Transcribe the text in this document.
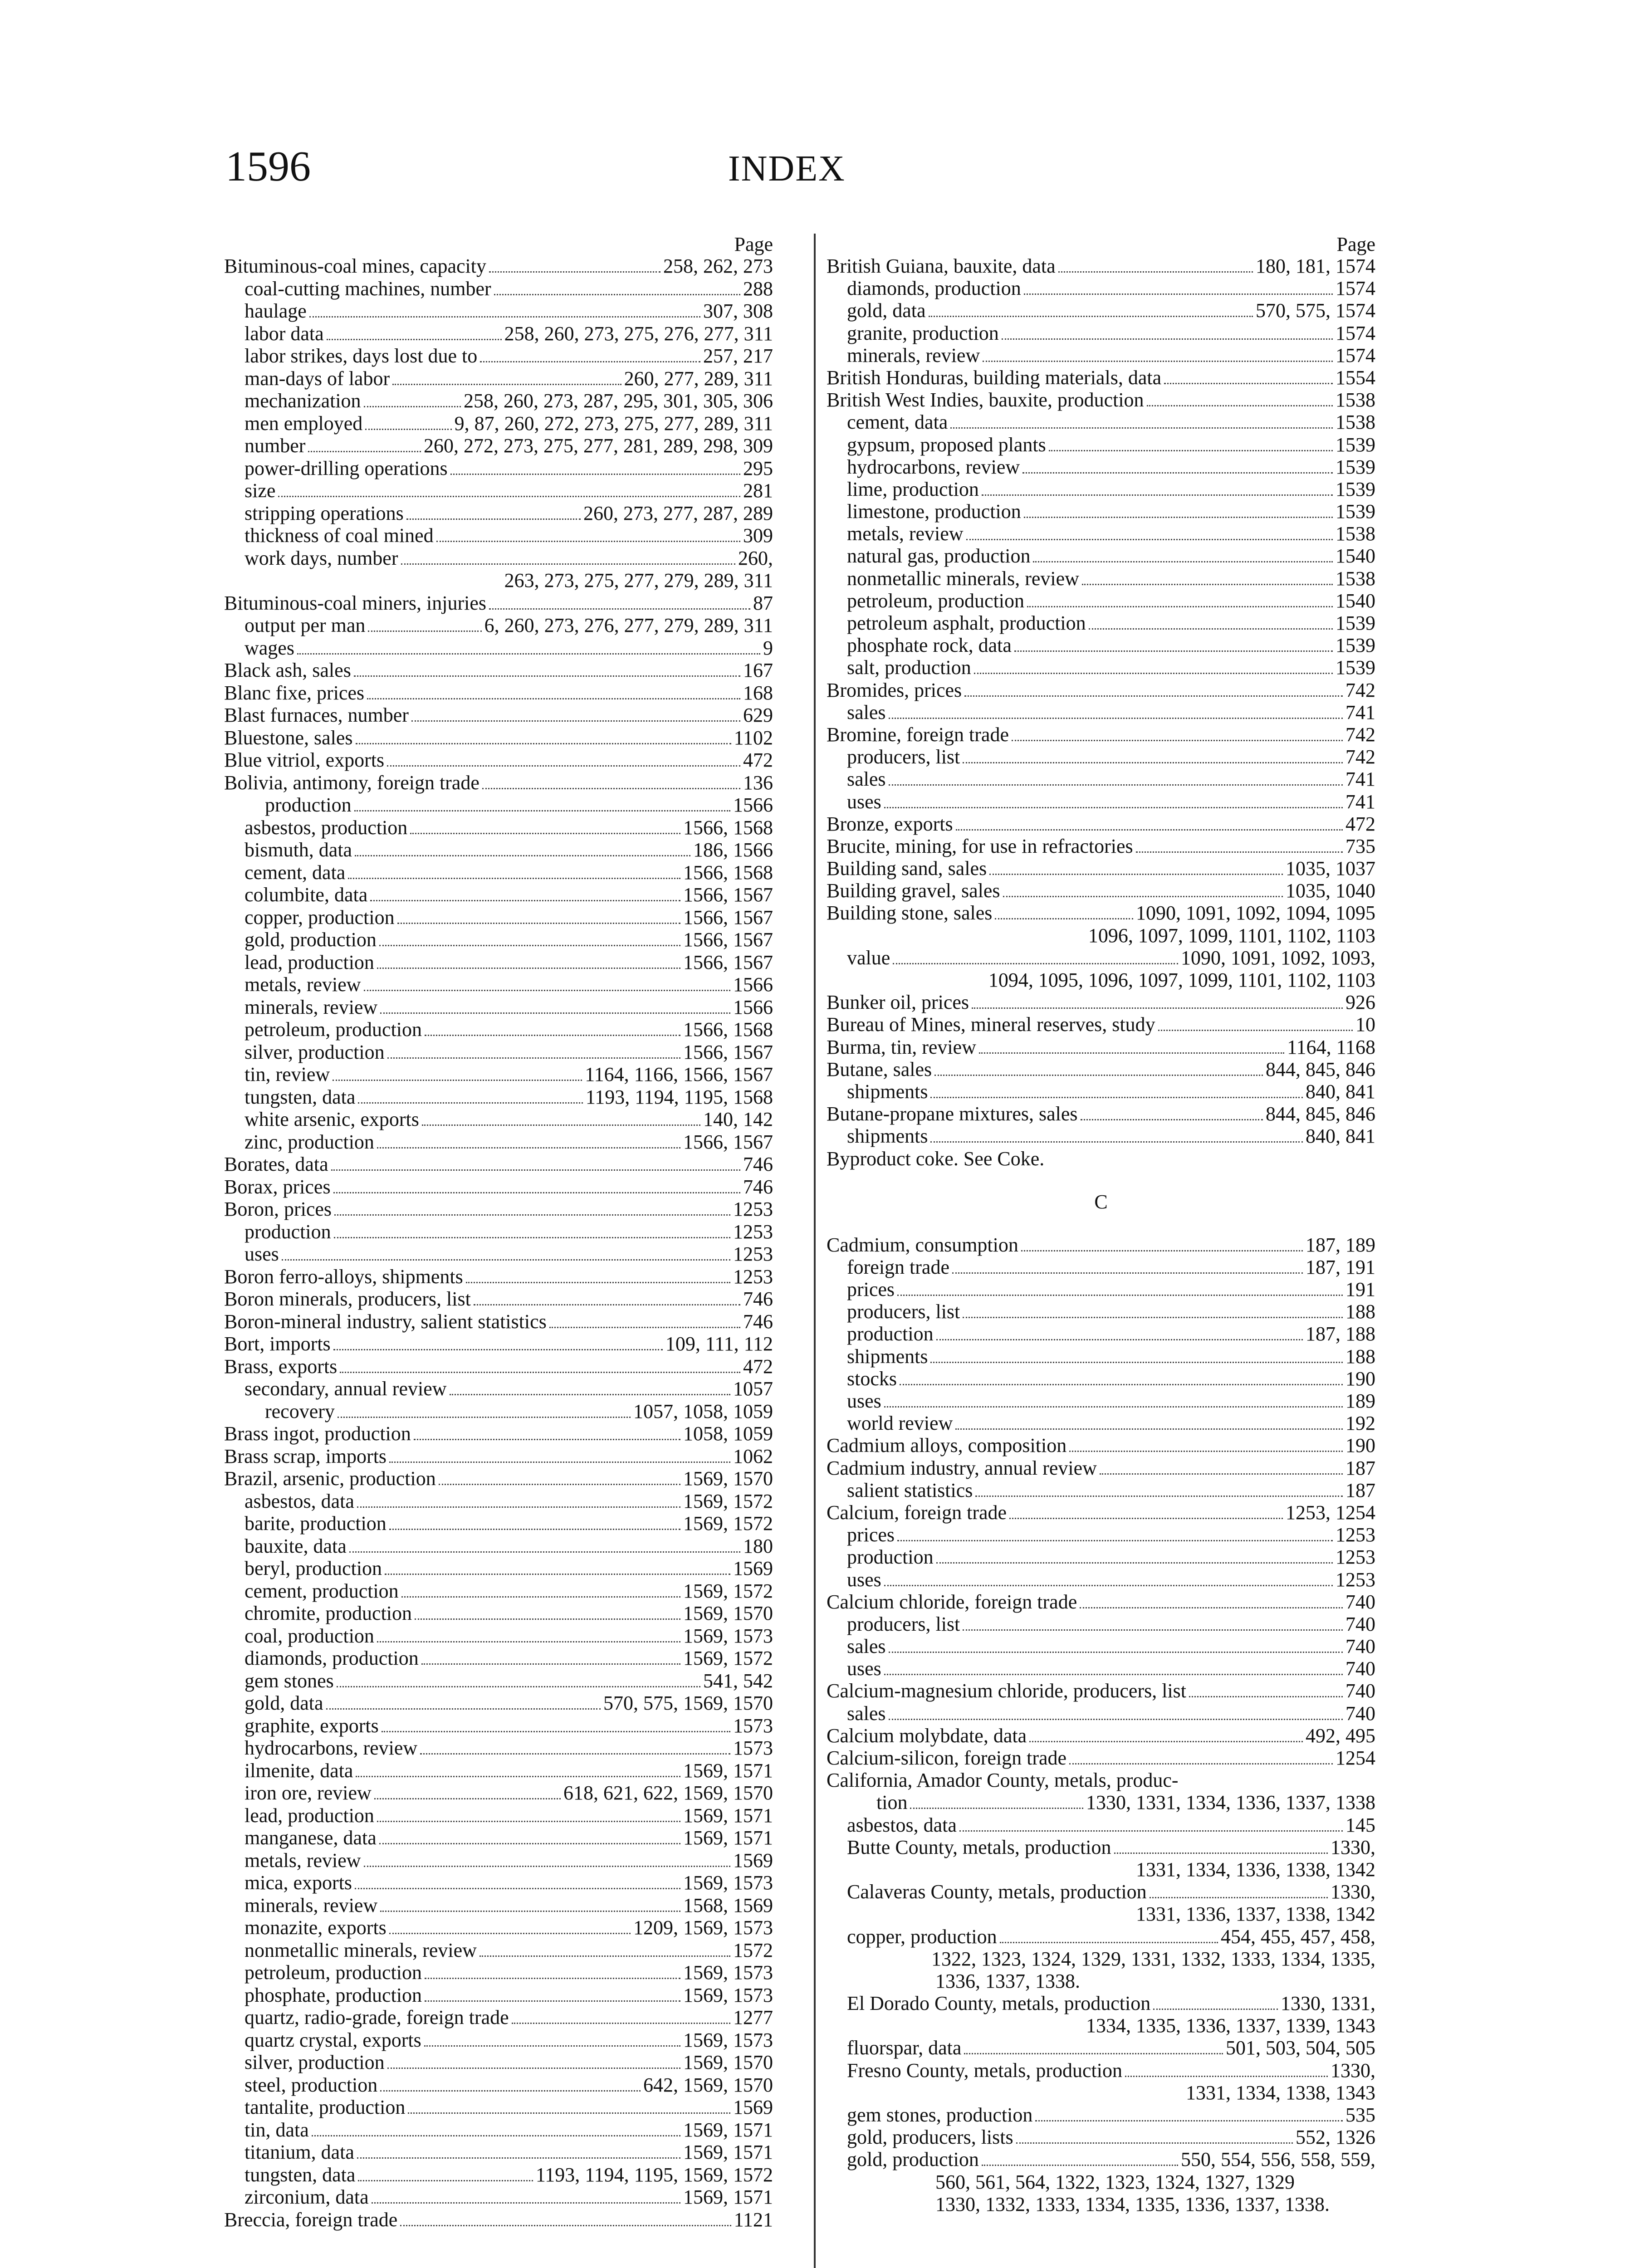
1596	INDEX
Page
Bituminous-coal mines, capacity	258, 262, 273
coal-cutting machines, number	288
haulage	307, 308
labor data	258, 260, 273, 275, 276, 277, 311
labor strikes, days lost due to	257, 217
man-days of labor	260, 277, 289, 311
mechanization	258, 260, 273, 287, 295, 301, 305, 306
men employed	9, 87, 260, 272, 273, 275, 277, 289, 311
number	260, 272, 273, 275, 277, 281, 289, 298, 309
power-drilling operations	295
size	281
stripping operations	260, 273, 277, 287, 289
thickness of coal mined	309
work days, number	260,
263, 273, 275, 277, 279, 289, 311
Bituminous-coal miners, injuries	87
output per man	6, 260, 273, 276, 277, 279, 289, 311
wages	9
Black ash, sales	167
Blanc fixe, prices	168
Blast furnaces, number	629
Bluestone, sales	1102
Blue vitriol, exports	472
Bolivia, antimony, foreign trade	136
production	1566
asbestos, production	1566, 1568
bismuth, data	186, 1566
cement, data	1566, 1568
columbite, data	1566, 1567
copper, production	1566, 1567
gold, production	1566, 1567
lead, production	1566, 1567
metals, review	1566
minerals, review	1566
petroleum, production	1566, 1568
silver, production	1566, 1567
tin, review	1164, 1166, 1566, 1567
tungsten, data	1193, 1194, 1195, 1568
white arsenic, exports	140, 142
zinc, production	1566, 1567
Borates, data	746
Borax, prices	746
Boron, prices	1253
production	1253
uses	1253
Boron ferro-alloys, shipments	1253
Boron minerals, producers, list	746
Boron-mineral industry, salient statistics	746
Bort, imports	109, 111, 112
Brass, exports	472
secondary, annual review	1057
recovery	1057, 1058, 1059
Brass ingot, production	1058, 1059
Brass scrap, imports	1062
Brazil, arsenic, production	1569, 1570
asbestos, data	1569, 1572
barite, production	1569, 1572
bauxite, data	180
beryl, production	1569
cement, production	1569, 1572
chromite, production	1569, 1570
coal, production	1569, 1573
diamonds, production	1569, 1572
gem stones	541, 542
gold, data	570, 575, 1569, 1570
graphite, exports	1573
hydrocarbons, review	1573
ilmenite, data	1569, 1571
iron ore, review	618, 621, 622, 1569, 1570
lead, production	1569, 1571
manganese, data	1569, 1571
metals, review	1569
mica, exports	1569, 1573
minerals, review	1568, 1569
monazite, exports	1209, 1569, 1573
nonmetallic minerals, review	1572
petroleum, production	1569, 1573
phosphate, production	1569, 1573
quartz, radio-grade, foreign trade	1277
quartz crystal, exports	1569, 1573
silver, production	1569, 1570
steel, production	642, 1569, 1570
tantalite, production	1569
tin, data	1569, 1571
titanium, data	1569, 1571
tungsten, data	1193, 1194, 1195, 1569, 1572
zirconium, data	1569, 1571
Breccia, foreign trade	1121
Page
British Guiana, bauxite, data	180, 181, 1574
diamonds, production	1574
gold, data	570, 575, 1574
granite, production	1574
minerals, review	1574
British Honduras, building materials, data	1554
British West Indies, bauxite, production	1538
cement, data	1538
gypsum, proposed plants	1539
hydrocarbons, review	1539
lime, production	1539
limestone, production	1539
metals, review	1538
natural gas, production	1540
nonmetallic minerals, review	1538
petroleum, production	1540
petroleum asphalt, production	1539
phosphate rock, data	1539
salt, production	1539
Bromides, prices	742
sales	741
Bromine, foreign trade	742
producers, list	742
sales	741
uses	741
Bronze, exports	472
Brucite, mining, for use in refractories	735
Building sand, sales	1035, 1037
Building gravel, sales	1035, 1040
Building stone, sales	1090, 1091, 1092, 1094, 1095
1096, 1097, 1099, 1101, 1102, 1103
value	1090, 1091, 1092, 1093,
1094, 1095, 1096, 1097, 1099, 1101, 1102, 1103
Bunker oil, prices	926
Bureau of Mines, mineral reserves, study	10
Burma, tin, review	1164, 1168
Butane, sales	844, 845, 846
shipments	840, 841
Butane-propane mixtures, sales	844, 845, 846
shipments	840, 841
Byproduct coke. See Coke.
C
Cadmium, consumption	187, 189
foreign trade	187, 191
prices	191
producers, list	188
production	187, 188
shipments	188
stocks	190
uses	189
world review	192
Cadmium alloys, composition	190
Cadmium industry, annual review	187
salient statistics	187
Calcium, foreign trade	1253, 1254
prices	1253
production	1253
uses	1253
Calcium chloride, foreign trade	740
producers, list	740
sales	740
uses	740
Calcium-magnesium chloride, producers, list	740
sales	740
Calcium molybdate, data	492, 495
Calcium-silicon, foreign trade	1254
California, Amador County, metals, produc-
tion	1330, 1331, 1334, 1336, 1337, 1338
asbestos, data	145
Butte County, metals, production	1330,
1331, 1334, 1336, 1338, 1342
Calaveras County, metals, production	1330,
1331, 1336, 1337, 1338, 1342
copper, production	454, 455, 457, 458,
1322, 1323, 1324, 1329, 1331, 1332, 1333, 1334, 1335,
1336, 1337, 1338.
El Dorado County, metals, production	1330, 1331,
1334, 1335, 1336, 1337, 1339, 1343
fluorspar, data	501, 503, 504, 505
Fresno County, metals, production	1330,
1331, 1334, 1338, 1343
gem stones, production	535
gold, producers, lists	552, 1326
gold, production	550, 554, 556, 558, 559,
560, 561, 564, 1322, 1323, 1324, 1327, 1329
1330, 1332, 1333, 1334, 1335, 1336, 1337, 1338.
